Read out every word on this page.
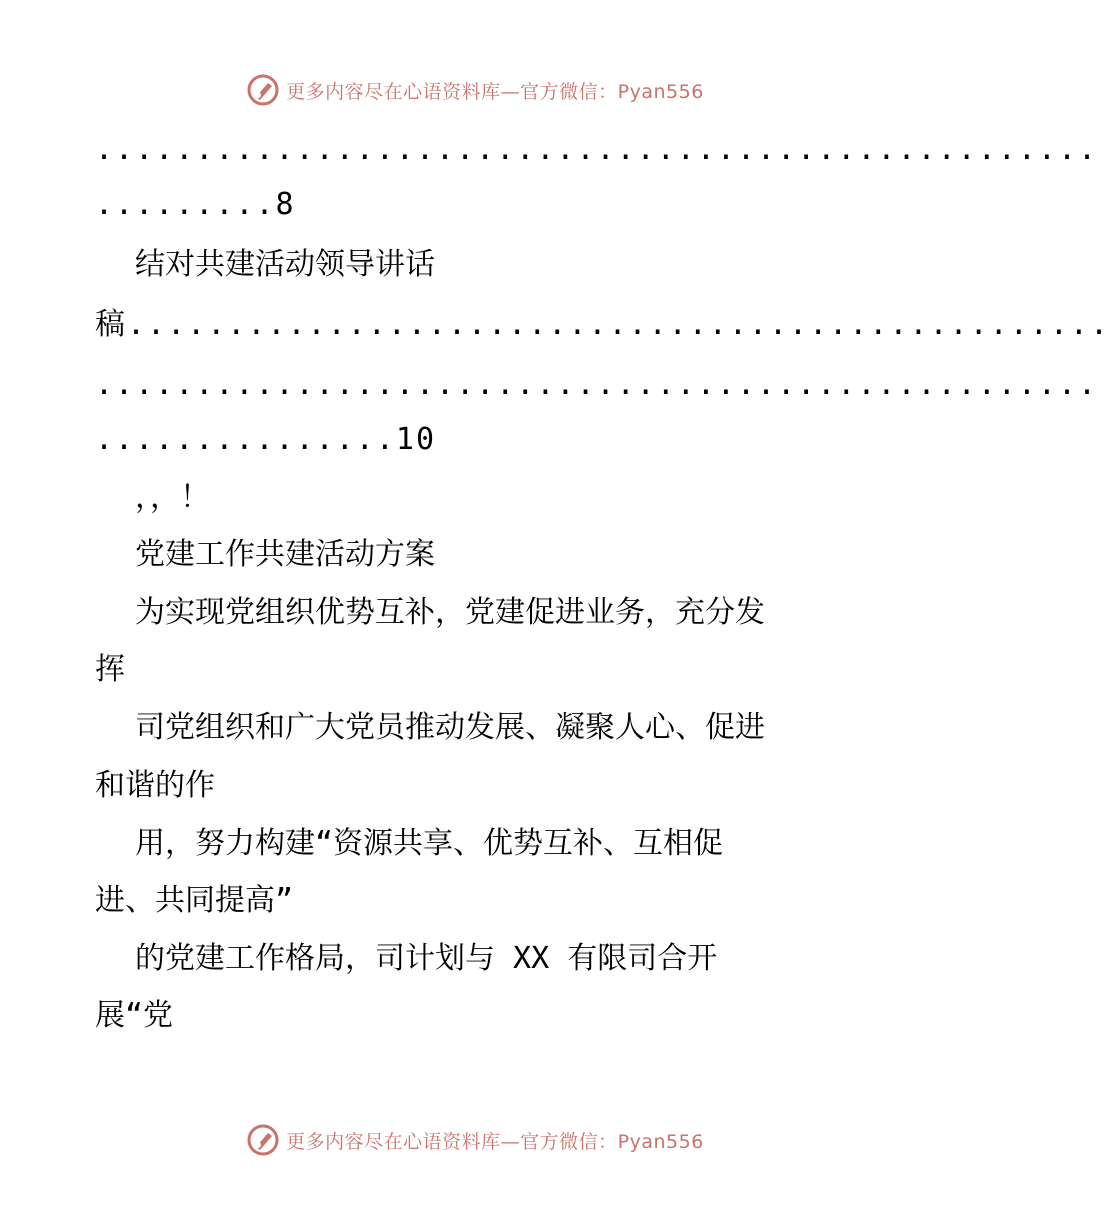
更多内容尽在心语资料库—官方微信：Pyan556
..................................................
.........8
结对共建活动领导讲话
稿.................................................
..................................................
...............10
，，！
党建工作共建活动方案
为实现党组织优势互补，党建促进业务，充分发
挥
司党组织和广大党员推动发展、凝聚人心、促进
和谐的作
用，努力构建“资源共享、优势互补、互相促
进、共同提高”
的党建工作格局，司计划与 XX 有限司合开
展“党
更多内容尽在心语资料库—官方微信：Pyan556
